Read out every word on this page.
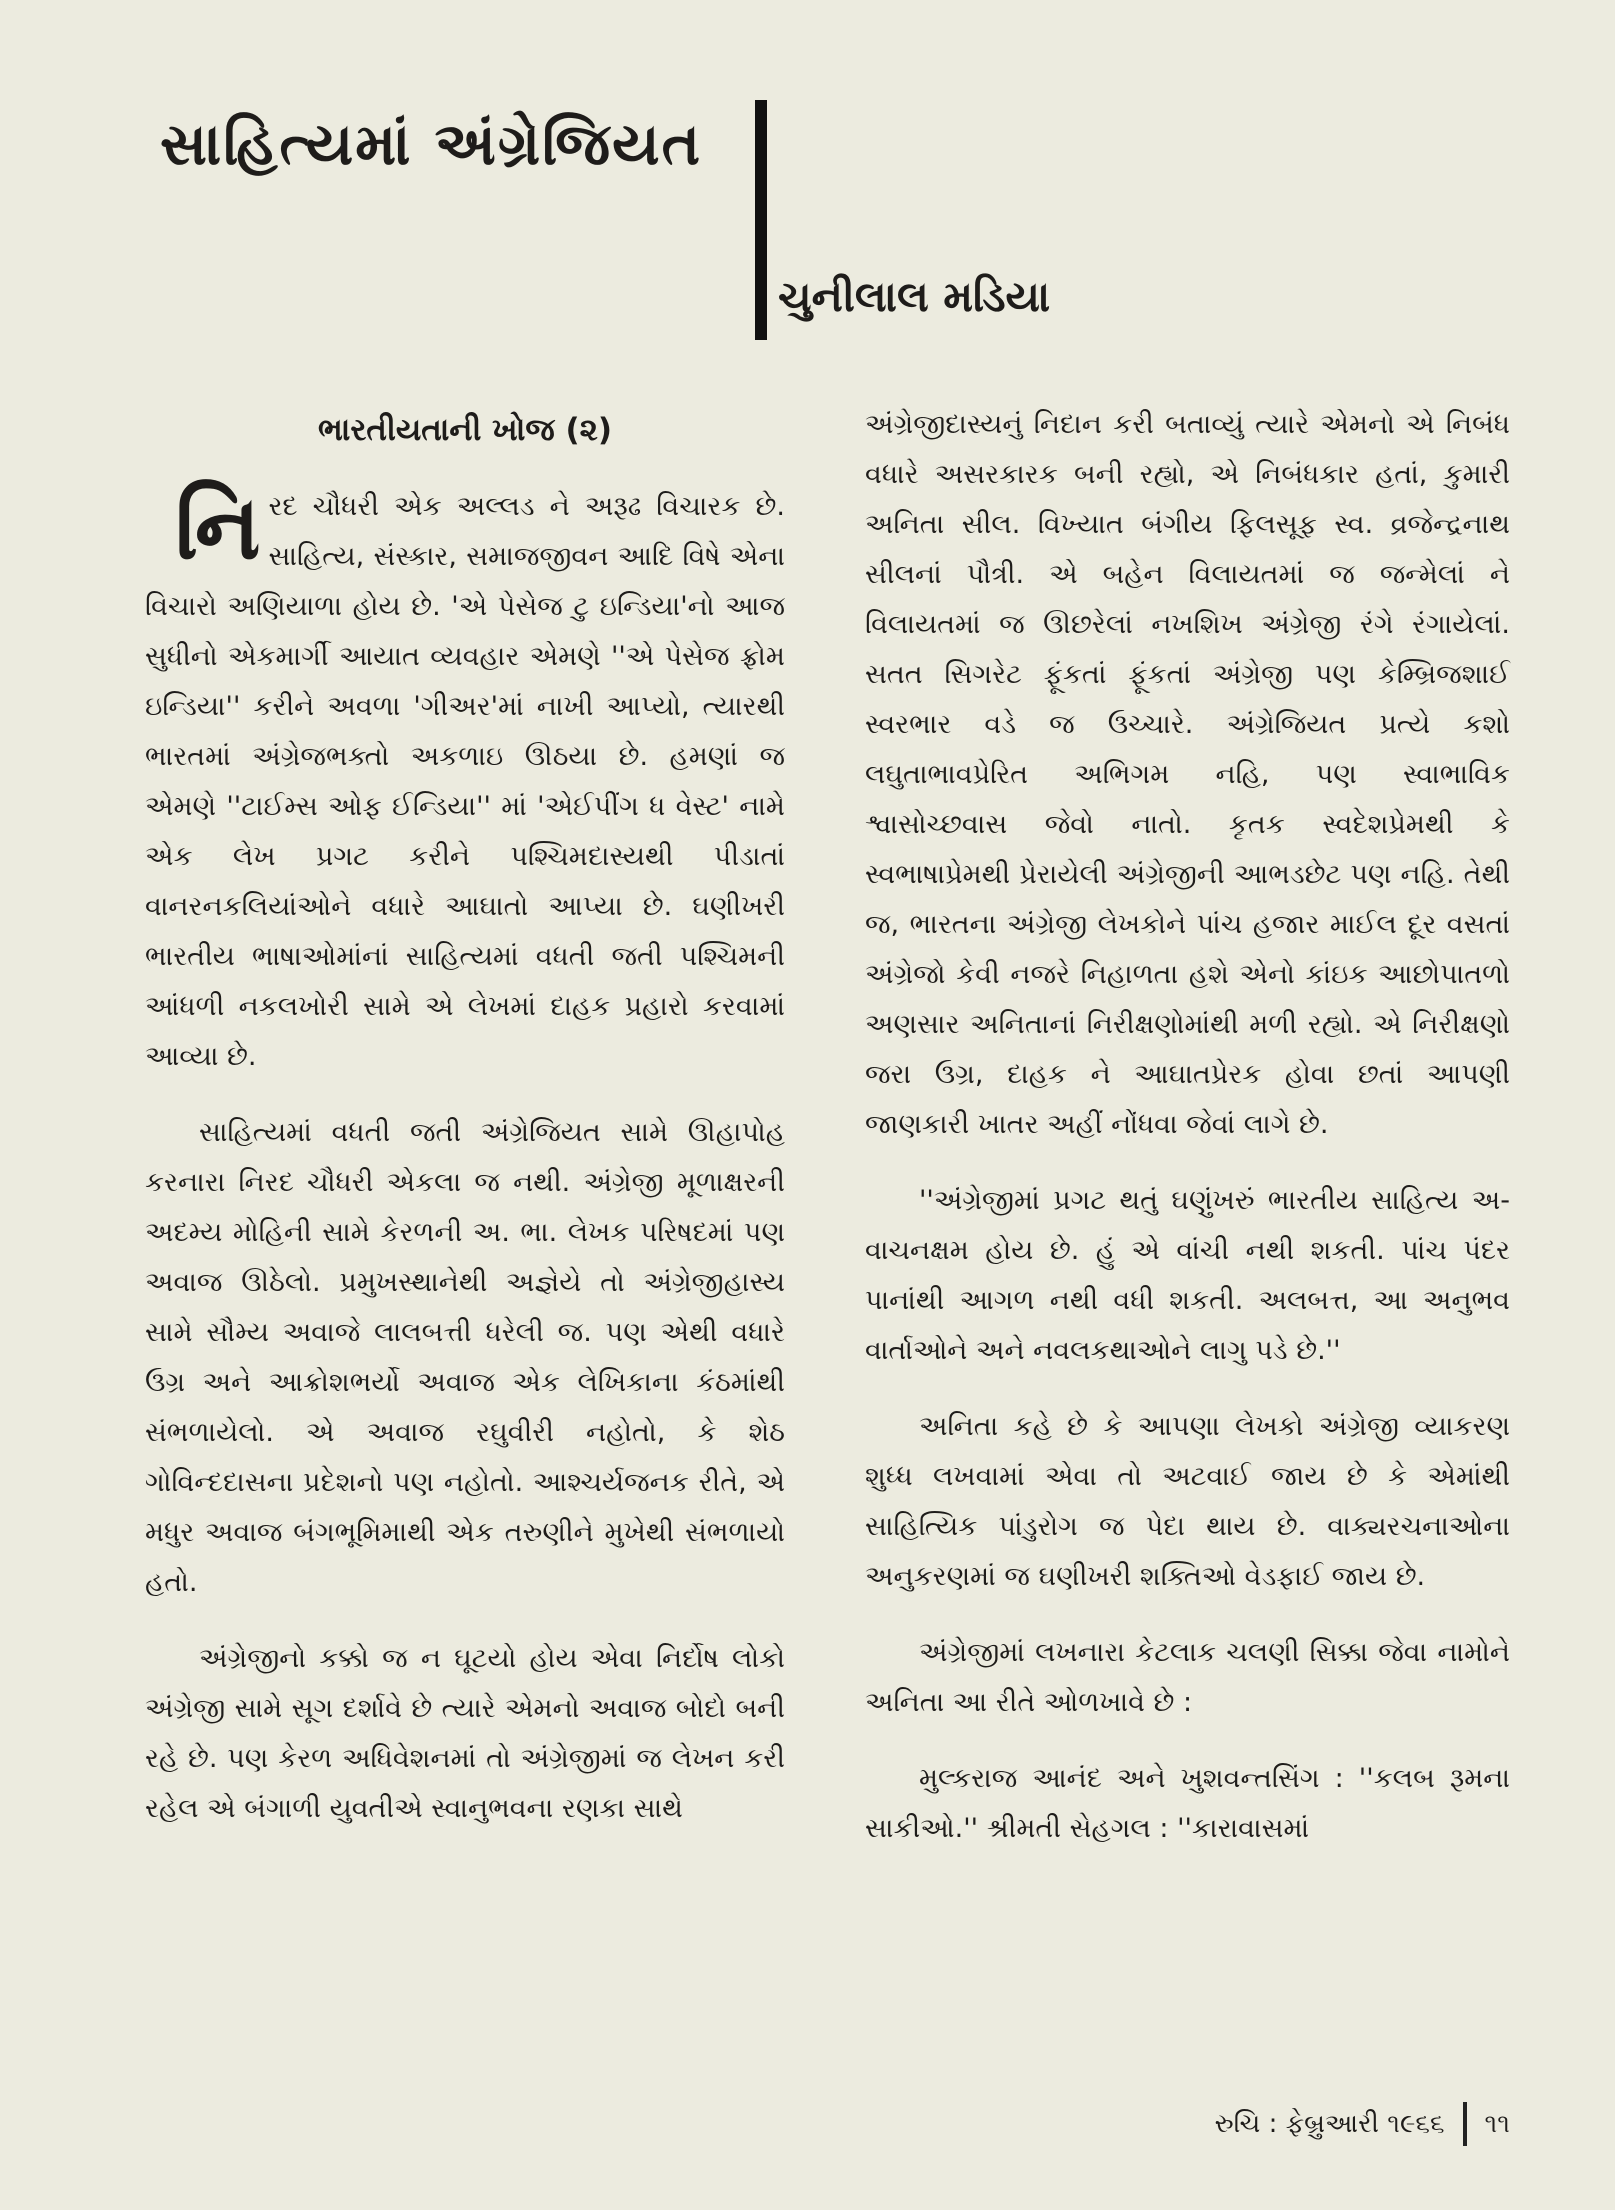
સાહિત્યમાં અંગ્રેજિયત
ચુનીલાલ મડિયા
ભારતીયતાની ખોજ (૨)

નિરદ ચૌધરી એક અલ્લડ ને અરૂઢ વિચારક છે. સાહિત્ય, સંસ્કાર, સમાજજીવન આદિ વિષે એના વિચારો અણિયાળા હોય છે. 'એ પેસેજ ટુ ઇન્ડિયા'નો આજ સુધીનો એકમાર્ગી આયાત વ્યવહાર એમણે ''એ પેસેજ ફ્રોમ ઇન્ડિયા'' કરીને અવળા 'ગીઅર'માં નાખી આપ્યો, ત્યારથી ભારતમાં અંગ્રેજભક્તો અકળાઇ ઊઠયા છે. હમણાં જ એમણે ''ટાઈમ્સ ઓફ ઈન્ડિયા'' માં 'એઈપીંગ ધ વેસ્ટ' નામે એક લેખ પ્રગટ કરીને પશ્ચિમદાસ્યથી પીડાતાં વાનરનકલિયાંઓને વધારે આઘાતો આપ્યા છે. ઘણીખરી ભારતીય ભાષાઓમાંનાં સાહિત્યમાં વધતી જતી પશ્ચિમની આંધળી નકલખોરી સામે એ લેખમાં દાહક પ્રહારો કરવામાં આવ્યા છે.

સાહિત્યમાં વધતી જતી અંગ્રેજિયત સામે ઊહાપોહ કરનારા નિરદ ચૌધરી એકલા જ નથી. અંગ્રેજી મૂળાક્ષરની અદમ્ય મોહિની સામે કેરળની અ. ભા. લેખક પરિષદમાં પણ અવાજ ઊઠેલો. પ્રમુખસ્થાનેથી અજ્ઞેયે તો અંગ્રેજીહાસ્ય સામે સૌમ્ય અવાજે લાલબત્તી ધરેલી જ. પણ એથી વધારે ઉગ્ર અને આક્રોશભર્યો અવાજ એક લેખિકાના કંઠમાંથી સંભળાયેલો. એ અવાજ રઘુવીરી નહોતો, કે શેઠ ગોવિન્દદાસના પ્રદેશનો પણ નહોતો. આશ્ચર્યજનક રીતે, એ મધુર અવાજ બંગભૂમિમાથી એક તરુણીને મુખેથી સંભળાયો હતો.

અંગ્રેજીનો કક્કો જ ન ઘૂટયો હોય એવા નિર્દોષ લોકો અંગ્રેજી સામે સૂગ દર્શાવે છે ત્યારે એમનો અવાજ બોદો બની રહે છે. પણ કેરળ અધિવેશનમાં તો અંગ્રેજીમાં જ લેખન કરી રહેલ એ બંગાળી યુવતીએ સ્વાનુભવના રણકા સાથે

અંગ્રેજીદાસ્યનું નિદાન કરી બતાવ્યું ત્યારે એમનો એ નિબંધ વધારે અસરકારક બની રહ્યો, એ નિબંધકાર હતાં, કુમારી અનિતા સીલ. વિખ્યાત બંગીય ફિલસૂફ સ્વ. વ્રજેન્દ્રનાથ સીલનાં પૌત્રી. એ બહેન વિલાયતમાં જ જન્મેલાં ને વિલાયતમાં જ ઊછરેલાં નખશિખ અંગ્રેજી રંગે રંગાયેલાં. સતત સિગરેટ ફૂંકતાં ફૂંકતાં અંગ્રેજી પણ કેમ્બ્રિજશાઈ સ્વરભાર વડે જ ઉચ્ચારે. અંગ્રેજિયત પ્રત્યે કશો લઘુતાભાવપ્રેરિત અભિગમ નહિ, પણ સ્વાભાવિક શ્વાસોચ્છવાસ જેવો નાતો. કૃતક સ્વદેશપ્રેમથી કે સ્વભાષાપ્રેમથી પ્રેરાયેલી અંગ્રેજીની આભડછેટ પણ નહિ. તેથી જ, ભારતના અંગ્રેજી લેખકોને પાંચ હજાર માઈલ દૂર વસતાં અંગ્રેજો કેવી નજરે નિહાળતા હશે એનો કાંઇક આછોપાતળો અણસાર અનિતાનાં નિરીક્ષણોમાંથી મળી રહ્યો. એ નિરીક્ષણો જરા ઉગ્ર, દાહક ને આઘાતપ્રેરક હોવા છતાં આપણી જાણકારી ખાતર અહીં નોંધવા જેવાં લાગે છે.

''અંગ્રેજીમાં પ્રગટ થતું ઘણુંખરું ભારતીય સાહિત્ય અ-વાચનક્ષમ હોય છે. હું એ વાંચી નથી શકતી. પાંચ પંદર પાનાંથી આગળ નથી વધી શકતી. અલબત્ત, આ અનુભવ વાર્તાઓને અને નવલકથાઓને લાગુ પડે છે.''

અનિતા કહે છે કે આપણા લેખકો અંગ્રેજી વ્યાકરણ શુધ્ધ લખવામાં એવા તો અટવાઈ જાય છે કે એમાંથી સાહિત્યિક પાંડુરોગ જ પેદા થાય છે. વાક્યરચનાઓના અનુકરણમાં જ ઘણીખરી શક્તિઓ વેડફાઈ જાય છે.

અંગ્રેજીમાં લખનારા કેટલાક ચલણી સિક્કા જેવા નામોને અનિતા આ રીતે ઓળખાવે છે :

મુલ્કરાજ આનંદ અને ખુશવન્તસિંગ : ''કલબ રૂમના સાકીઓ.'' શ્રીમતી સેહગલ : ''કારાવાસમાં

રુચિ : ફેબ્રુઆરી ૧૯૬૬ ૧૧
